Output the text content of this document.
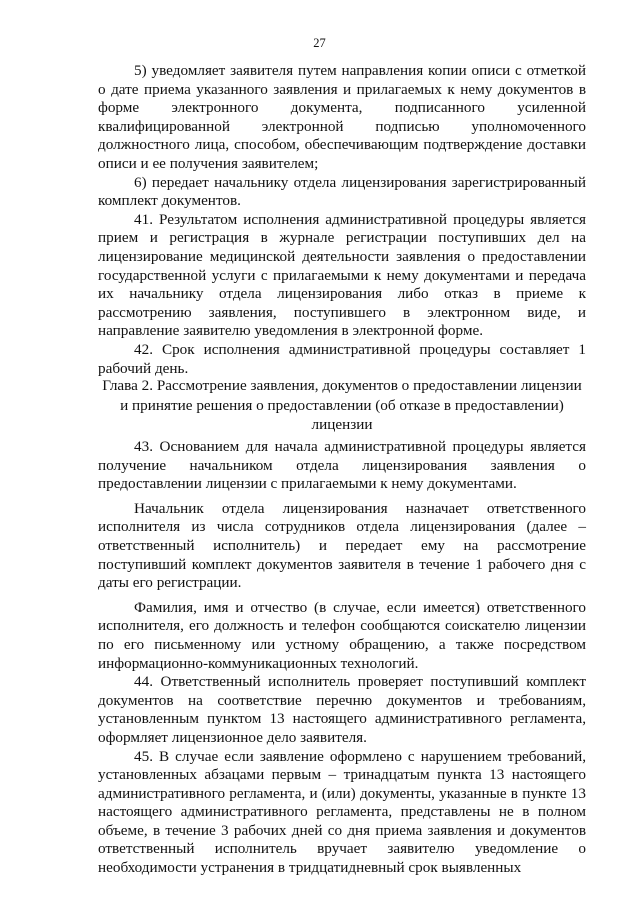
27

5) уведомляет заявителя путем направления копии описи с отметкой о дате приема указанного заявления и прилагаемых к нему документов в форме электронного документа, подписанного усиленной квалифицированной электронной подписью уполномоченного должностного лица, способом, обеспечивающим подтверждение доставки описи и ее получения заявителем;

6) передает начальнику отдела лицензирования зарегистрированный комплект документов.

41. Результатом исполнения административной процедуры является прием и регистрация в журнале регистрации поступивших дел на лицензирование медицинской деятельности заявления о предоставлении государственной услуги с прилагаемыми к нему документами и передача их начальнику отдела лицензирования либо отказ в приеме к рассмотрению заявления, поступившего в электронном виде, и направление заявителю уведомления в электронной форме.

42. Срок исполнения административной процедуры составляет 1 рабочий день.

Глава 2. Рассмотрение заявления, документов о предоставлении лицензии и принятие решения о предоставлении (об отказе в предоставлении) лицензии

43. Основанием для начала административной процедуры является получение начальником отдела лицензирования заявления о предоставлении лицензии с прилагаемыми к нему документами.

Начальник отдела лицензирования назначает ответственного исполнителя из числа сотрудников отдела лицензирования (далее – ответственный исполнитель) и передает ему на рассмотрение поступивший комплект документов заявителя в течение 1 рабочего дня с даты его регистрации.

Фамилия, имя и отчество (в случае, если имеется) ответственного исполнителя, его должность и телефон сообщаются соискателю лицензии по его письменному или устному обращению, а также посредством информационно-коммуникационных технологий.

44. Ответственный исполнитель проверяет поступивший комплект документов на соответствие перечню документов и требованиям, установленным пунктом 13 настоящего административного регламента, оформляет лицензионное дело заявителя.

45. В случае если заявление оформлено с нарушением требований, установленных абзацами первым – тринадцатым пункта 13 настоящего административного регламента, и (или) документы, указанные в пункте 13 настоящего административного регламента, представлены не в полном объеме, в течение 3 рабочих дней со дня приема заявления и документов ответственный исполнитель вручает заявителю уведомление о необходимости устранения в тридцатидневный срок выявленных
